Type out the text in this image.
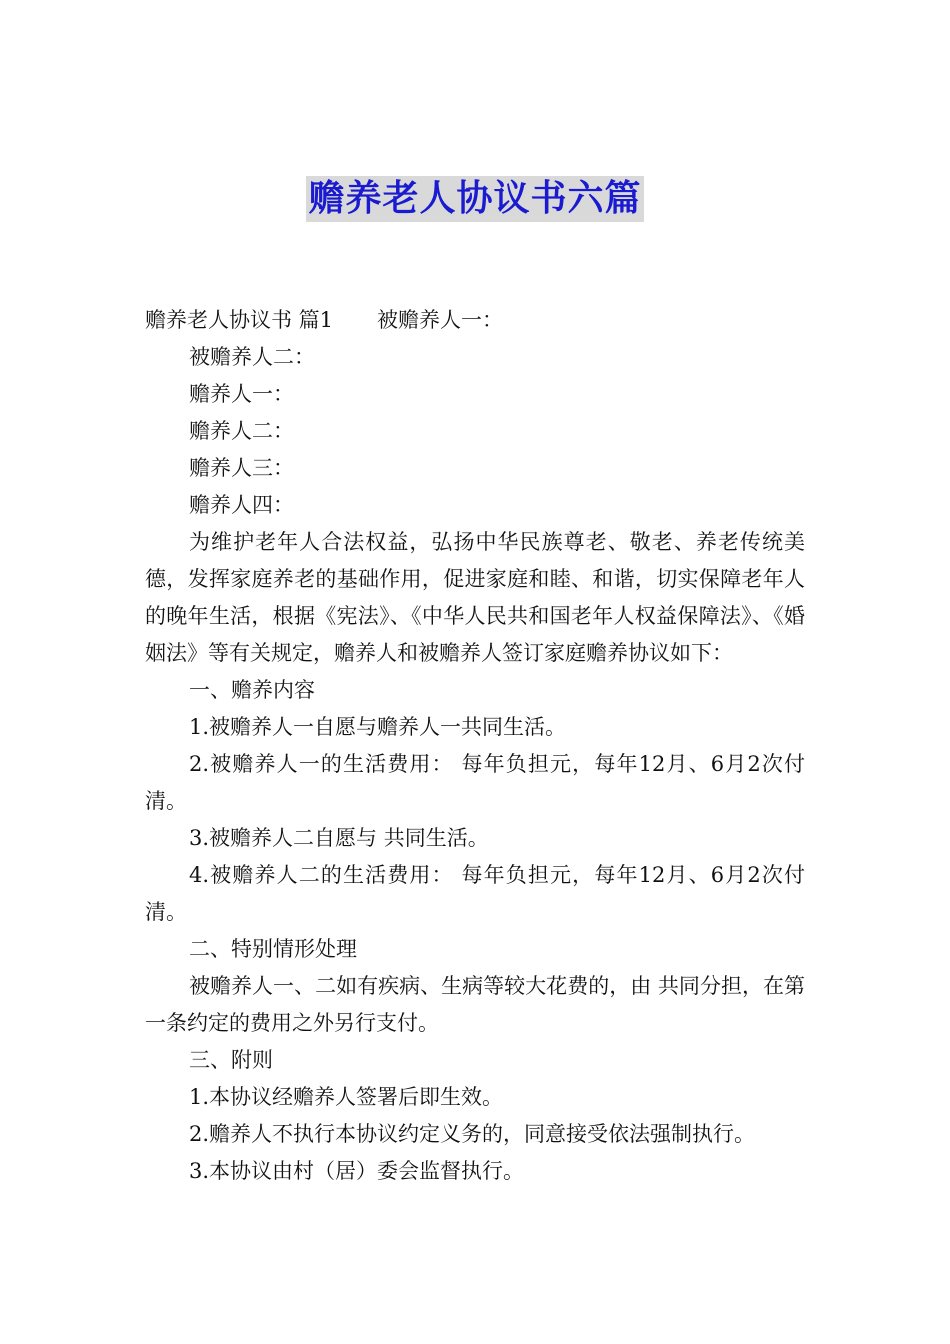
赡养老人协议书六篇

赡养老人协议书 篇1 被赡养人一：

被赡养人二：

赡养人一：

赡养人二：

赡养人三：

赡养人四：

为维护老年人合法权益，弘扬中华民族尊老、敬老、养老传统美德，发挥家庭养老的基础作用，促进家庭和睦、和谐，切实保障老年人的晚年生活，根据《宪法》、《中华人民共和国老年人权益保障法》、《婚姻法》等有关规定，赡养人和被赡养人签订家庭赡养协议如下：

一、赡养内容

1.被赡养人一自愿与赡养人一共同生活。

2.被赡养人一的生活费用： 每年负担元，每年12月、6月2次付清。

3.被赡养人二自愿与 共同生活。

4.被赡养人二的生活费用： 每年负担元，每年12月、6月2次付清。

二、特别情形处理

被赡养人一、二如有疾病、生病等较大花费的，由 共同分担，在第一条约定的费用之外另行支付。

三、附则

1.本协议经赡养人签署后即生效。

2.赡养人不执行本协议约定义务的，同意接受依法强制执行。

3.本协议由村（居）委会监督执行。
